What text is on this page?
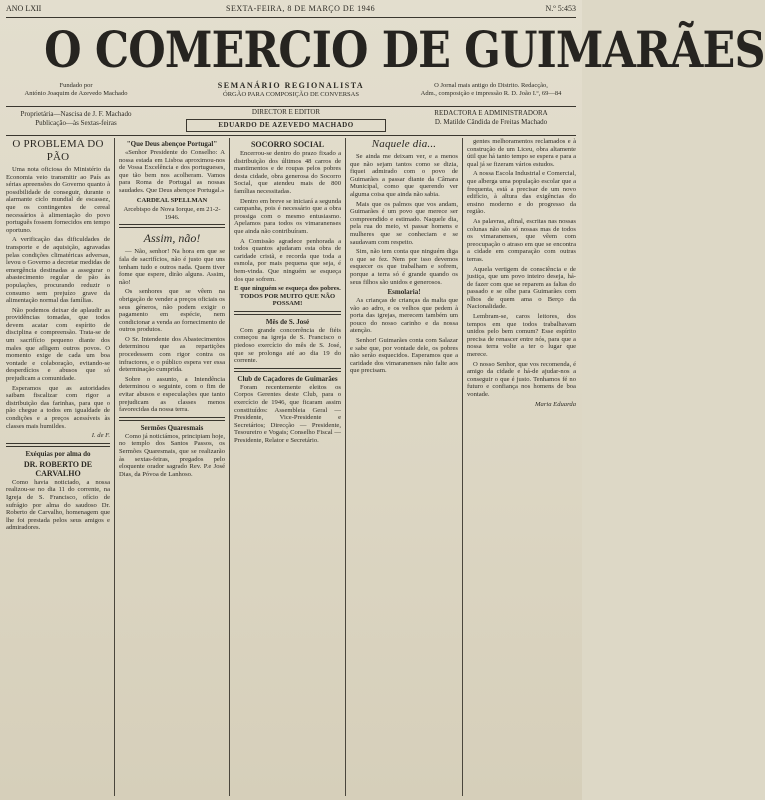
ANO LXII	SEXTA-FEIRA, 8 DE MARÇO DE 1946	N.º 5:453
O COMERCIO DE GUIMARÃES
Fundado por
António Joaquim de Azevedo Machado
SEMANÁRIO REGIONALISTA
ÓRGÃO PARA COMPOSIÇÃO DE CONVERSAS
O Jornal mais antigo do Distrito. Redacção,
Adm., composição e impressão R. D. João I.º, 69—84
Proprietária—Nascisa de J. F. Machado
Publicação—às Sextas-feiras
DIRECTOR E EDITOR
EDUARDO DE AZEVEDO MACHADO
REDACTORA E ADMINISTRADORA
D. Matilde Cândida de Freitas Machado
O PROBLEMA DO PÃO

Uma nota oficiosa do Ministério da Economia veio transmitir ao País as sérias apreensões do Governo quanto à possibilidade de conseguir, durante o alarmante ciclo mundial de escassez, que os contingentes de cereal necessários à alimentação do povo português fossem fornecidos em tempo oportuno.

A verificação das dificuldades de transporte e de aquisição, agravadas pelas condições climatéricas adversas, levou o Governo a decretar medidas de emergência destinadas a assegurar o abastecimento regular de pão às populações, procurando reduzir o consumo sem prejuízo grave da alimentação normal das famílias.

Não podemos deixar de aplaudir as providências tomadas, que todos devem acatar com espírito de disciplina e compreensão. Trata-se de um sacrifício pequeno diante dos males que afligem outros povos. O momento exige de cada um boa vontade e colaboração, evitando-se desperdícios e abusos que só prejudicam a comunidade.

Esperamos que as autoridades saibam fiscalizar com rigor a distribuição das farinhas, para que o pão chegue a todos em igualdade de condições e a preços acessíveis às classes mais humildes.

I. de F.

Exéquias por alma do
DR. ROBERTO DE CARVALHO

Como havia noticiado, a nossa realizou-se no dia 11 do corrente, na Igreja de S. Francisco, ofício de sufrágio por alma do saudoso Dr. Roberto de Carvalho, homenagem que lhe foi prestada pelos seus amigos e admiradores.

"Que Deus abençoe Portugal"

«Senhor Presidente do Conselho: A nossa estada em Lisboa aproximou-nos de Vossa Excelência e dos portugueses, que tão bem nos acolheram. Vamos para Roma de Portugal as nossas saudades. Que Deus abençoe Portugal.»

CARDEAL SPELLMAN
Arcebispo de Nova Iorque, em 21-2-1946.
Assim, não!

— Não, senhor! Na hora em que se fala de sacrifícios, não é justo que uns tenham tudo e outros nada. Quem tiver fome que espere, dirão alguns. Assim, não!

Os senhores que se vêem na obrigação de vender a preços oficiais os seus géneros, não podem exigir o pagamento em espécie, nem condicionar a venda ao fornecimento de outros produtos.

O Sr. Intendente dos Abastecimentos determinou que as repartições procedessem com rigor contra os infractores, e o público espera ver essa determinação cumprida.

Sobre o assunto, a Intendência determinou o seguinte, com o fim de evitar abusos e especulações que tanto prejudicam as classes menos favorecidas da nossa terra.

Sermões Quaresmais

Como já noticiámos, principiam hoje, no templo dos Santos Passos, os Sermões Quaresmais, que se realizarão às sextas-feiras, pregados pelo eloquente orador sagrado Rev. P.e José Dias, da Póvoa de Lanhoso.

SOCORRO SOCIAL

Encerrou-se dentro do prazo fixado a distribuição dos últimos 48 carros de mantimentos e de roupas pelos pobres desta cidade, obra generosa do Socorro Social, que atendeu mais de 800 famílias necessitadas.

Dentro em breve se iniciará a segunda campanha, pois é necessário que a obra prossiga com o mesmo entusiasmo. Apelamos para todos os vimaranenses que ainda não contribuíram.

A Comissão agradece penhorada a todos quantos ajudaram esta obra de caridade cristã, e recorda que toda a esmola, por mais pequena que seja, é bem-vinda. Que ninguém se esqueça dos que sofrem.

E que ninguém se esqueça dos pobres. TODOS POR MUITO QUE NÃO POSSAM!
Mês de S. José

Com grande concorrência de fiéis começou na igreja de S. Francisco o piedoso exercício do mês de S. José, que se prolonga até ao dia 19 do corrente.

Club de Caçadores de Guimarães

Foram recentemente eleitos os Corpos Gerentes deste Club, para o exercício de 1946, que ficaram assim constituídos: Assembleia Geral — Presidente, Vice-Presidente e Secretários; Direcção — Presidente, Tesoureiro e Vogais; Conselho Fiscal — Presidente, Relator e Secretário.

Naquele dia...

Se ainda me deixam ver, e a menos que não sejam tantos como se dizia, fiquei admirado com o povo de Guimarães a passar diante da Câmara Municipal, como que querendo ver alguma coisa que ainda não sabia.

Mais que os palmos que vos andam, Guimarães é um povo que merece ser compreendido e estimado. Naquele dia, pela rua do meio, vi passar homens e mulheres que se conheciam e se saudavam com respeito.

Sim, não tem conta que ninguém diga o que se fez. Nem por isso devemos esquecer os que trabalham e sofrem, porque a terra só é grande quando os seus filhos são unidos e generosos.

Esmolaria!

As crianças de crianças da malta que vão ao adro, e os velhos que pedem à porta das igrejas, merecem também um pouco do nosso carinho e da nossa atenção.

Senhor! Guimarães conta com Salazar e sabe que, por vontade dele, os pobres não serão esquecidos. Esperamos que a caridade dos vimaranenses não falte aos que precisam.

gentes melhoramentos reclamados e à construção de um Liceu, obra altamente útil que há tanto tempo se espera e para a qual já se fizeram vários estudos.

A nossa Escola Industrial e Comercial, que alberga uma população escolar que a frequenta, está a precisar de um novo edifício, à altura das exigências do ensino moderno e do progresso da região.

As palavras, afinal, escritas nas nossas colunas não são só nossas mas de todos os vimaranenses, que vêem com preocupação o atraso em que se encontra a cidade em comparação com outras terras.

Aquela vertigem de consciência e de justiça, que um povo inteiro deseja, há-de fazer com que se reparem as faltas do passado e se olhe para Guimarães com olhos de quem ama o Berço da Nacionalidade.

Lembram-se, caros leitores, dos tempos em que todos trabalhavam unidos pelo bem comum? Esse espírito precisa de renascer entre nós, para que a nossa terra volte a ter o lugar que merece.

O nosso Senhor, que vos recomenda, é amigo da cidade e há-de ajudar-nos a conseguir o que é justo. Tenhamos fé no futuro e confiança nos homens de boa vontade.

Maria Eduarda
